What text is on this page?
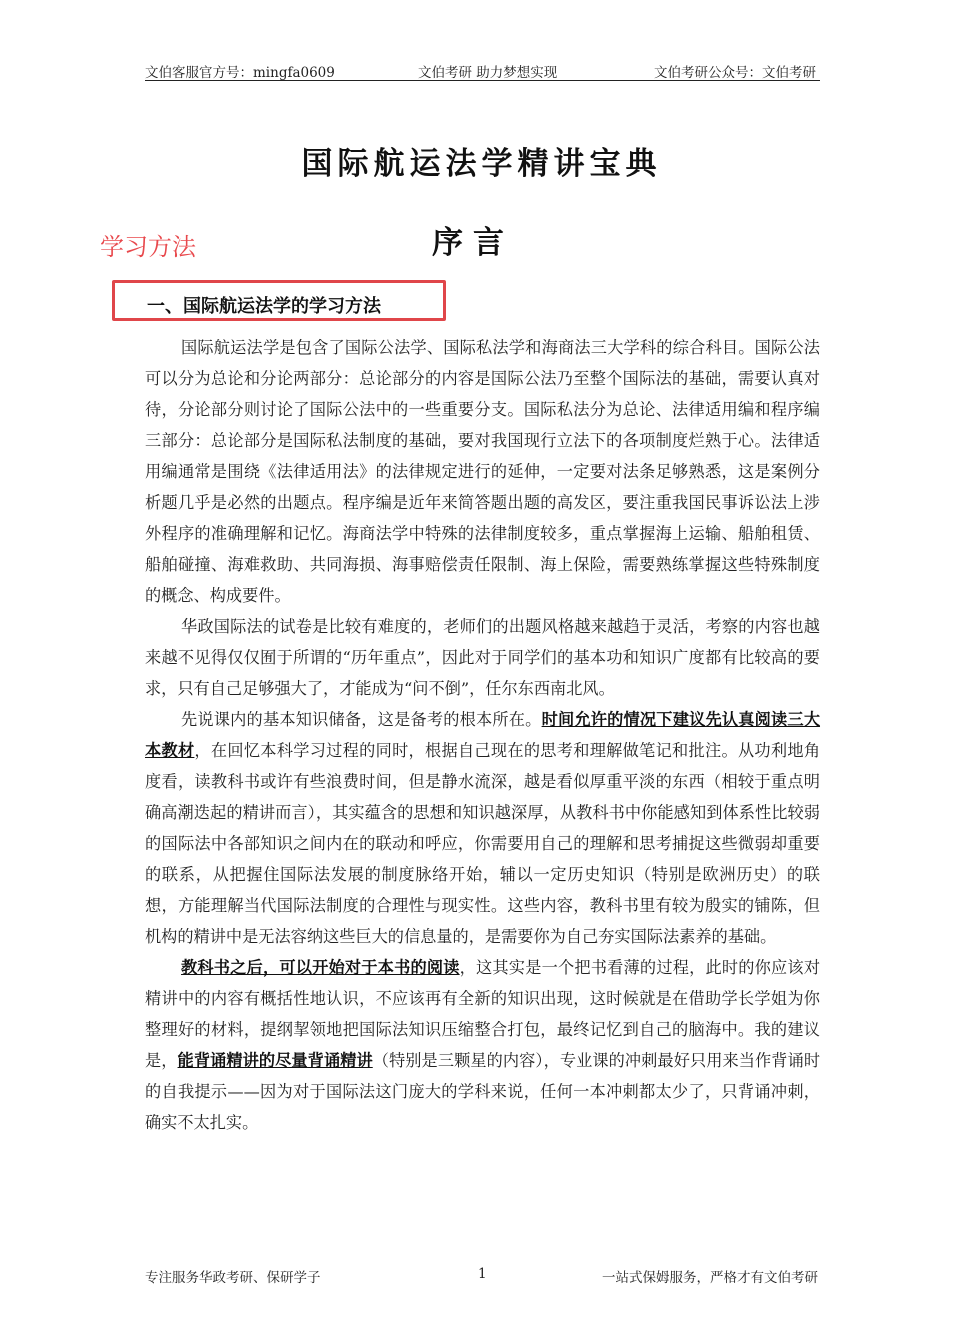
文伯客服官方号：mingfa0609	文伯考研 助力梦想实现	文伯考研公众号：文伯考研
国际航运法学精讲宝典
学习方法	序言
一、国际航运法学的学习方法

国际航运法学是包含了国际公法学、国际私法学和海商法三大学科的综合科目。国际公法可以分为总论和分论两部分：总论部分的内容是国际公法乃至整个国际法的基础，需要认真对待，分论部分则讨论了国际公法中的一些重要分支。国际私法分为总论、法律适用编和程序编三部分：总论部分是国际私法制度的基础，要对我国现行立法下的各项制度烂熟于心。法律适用编通常是围绕《法律适用法》的法律规定进行的延伸，一定要对法条足够熟悉，这是案例分析题几乎是必然的出题点。程序编是近年来简答题出题的高发区，要注重我国民事诉讼法上涉外程序的准确理解和记忆。海商法学中特殊的法律制度较多，重点掌握海上运输、船舶租赁、船舶碰撞、海难救助、共同海损、海事赔偿责任限制、海上保险，需要熟练掌握这些特殊制度的概念、构成要件。

华政国际法的试卷是比较有难度的，老师们的出题风格越来越趋于灵活，考察的内容也越来越不见得仅仅囿于所谓的“历年重点”，因此对于同学们的基本功和知识广度都有比较高的要求，只有自己足够强大了，才能成为“问不倒”，任尔东西南北风。

先说课内的基本知识储备，这是备考的根本所在。时间允许的情况下建议先认真阅读三大本教材，在回忆本科学习过程的同时，根据自己现在的思考和理解做笔记和批注。从功利地角度看，读教科书或许有些浪费时间，但是静水流深，越是看似厚重平淡的东西（相较于重点明确高潮迭起的精讲而言），其实蕴含的思想和知识越深厚，从教科书中你能感知到体系性比较弱的国际法中各部知识之间内在的联动和呼应，你需要用自己的理解和思考捕捉这些微弱却重要的联系，从把握住国际法发展的制度脉络开始，辅以一定历史知识（特别是欧洲历史）的联想，方能理解当代国际法制度的合理性与现实性。这些内容，教科书里有较为殷实的铺陈，但机构的精讲中是无法容纳这些巨大的信息量的，是需要你为自己夯实国际法素养的基础。

教科书之后，可以开始对于本书的阅读，这其实是一个把书看薄的过程，此时的你应该对精讲中的内容有概括性地认识，不应该再有全新的知识出现，这时候就是在借助学长学姐为你整理好的材料，提纲挈领地把国际法知识压缩整合打包，最终记忆到自己的脑海中。我的建议是，能背诵精讲的尽量背诵精讲（特别是三颗星的内容），专业课的冲刺最好只用来当作背诵时的自我提示——因为对于国际法这门庞大的学科来说，任何一本冲刺都太少了，只背诵冲刺，确实不太扎实。

专注服务华政考研、保研学子	1	一站式保姆服务，严格才有文伯考研
